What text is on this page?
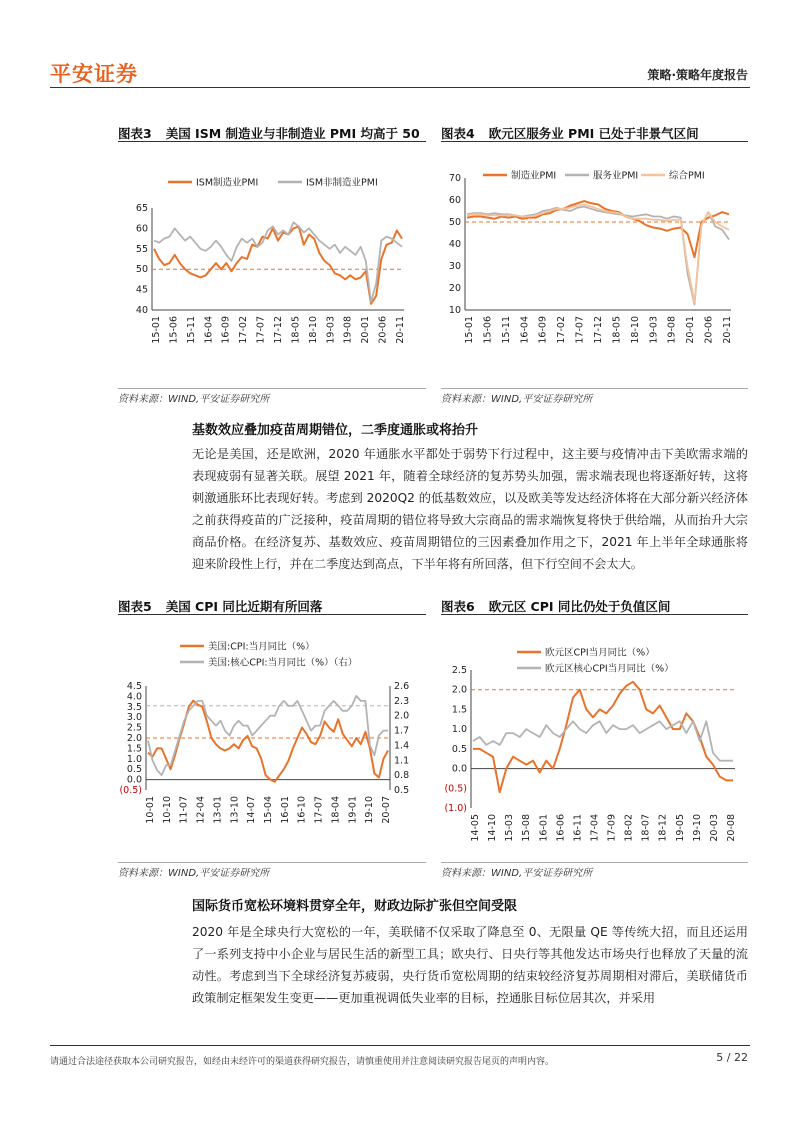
平安证券	策略·策略年度报告
图表3 美国 ISM 制造业与非制造业 PMI 均高于 50 图表4 欧元区服务业 PMI 已处于非景气区间
ISM制造业PMI	ISM非制造业PMI
40
45
50
55
60
65
15-01 15-06 15-11 16-04 16-09 17-02 17-07 17-12 18-05 18-10 19-03 19-08 20-01 20-06 20-11
制造业PMI	服务业PMI	综合PMI
10
20
30
40
50
60
70
15-01 15-06 15-11 16-04 16-09 17-02 17-07 17-12 18-05 18-10 19-03 19-08 20-01 20-06 20-11
资料来源：WIND,平安证券研究所	资料来源：WIND,平安证券研究所
基数效应叠加疫苗周期错位，二季度通胀或将抬升
无论是美国，还是欧洲，2020 年通胀水平都处于弱势下行过程中，这主要与疫情冲击下美欧需求端的表现疲弱有显著关联。展望 2021 年，随着全球经济的复苏势头加强，需求端表现也将逐渐好转，这将刺激通胀环比表现好转。考虑到 2020Q2 的低基数效应，以及欧美等发达经济体将在大部分新兴经济体之前获得疫苗的广泛接种，疫苗周期的错位将导致大宗商品的需求端恢复将快于供给端，从而抬升大宗商品价格。在经济复苏、基数效应、疫苗周期错位的三因素叠加作用之下，2021 年上半年全球通胀将迎来阶段性上行，并在二季度达到高点，下半年将有所回落，但下行空间不会太大。
图表5 美国 CPI 同比近期有所回落	图表6 欧元区 CPI 同比仍处于负值区间
美国:CPI:当月同比（%）
美国:核心CPI:当月同比（%）（右）
(0.5)
0.0
0.5
1.0
1.5
2.0
2.5
3.0
3.5
4.0
4.5
0.5
0.8
1.1
1.4
1.7
2.0
2.3
2.6
10-01 10-10 11-07 12-04 13-01 13-10 14-07 15-04 16-01 16-10 17-07 18-04 19-01 19-10 20-07
欧元区CPI当月同比（%）
欧元区核心CPI当月同比（%）
(1.0)
(0.5)
0.0
0.5
1.0
1.5
2.0
2.5
14-05 14-10 15-03 15-08 16-01 16-06 16-11 17-04 17-09 18-02 18-07 18-12 19-05 19-10 20-03 20-08
资料来源：WIND,平安证券研究所	资料来源：WIND,平安证券研究所
国际货币宽松环境料贯穿全年，财政边际扩张但空间受限
2020 年是全球央行大宽松的一年，美联储不仅采取了降息至 0、无限量 QE 等传统大招，而且还运用了一系列支持中小企业与居民生活的新型工具；欧央行、日央行等其他发达市场央行也释放了天量的流动性。考虑到当下全球经济复苏疲弱，央行货币宽松周期的结束较经济复苏周期相对滞后，美联储货币政策制定框架发生变更——更加重视调低失业率的目标，控通胀目标位居其次，并采用
请通过合法途径获取本公司研究报告，如经由未经许可的渠道获得研究报告，请慎重使用并注意阅读研究报告尾页的声明内容。	5 / 22
